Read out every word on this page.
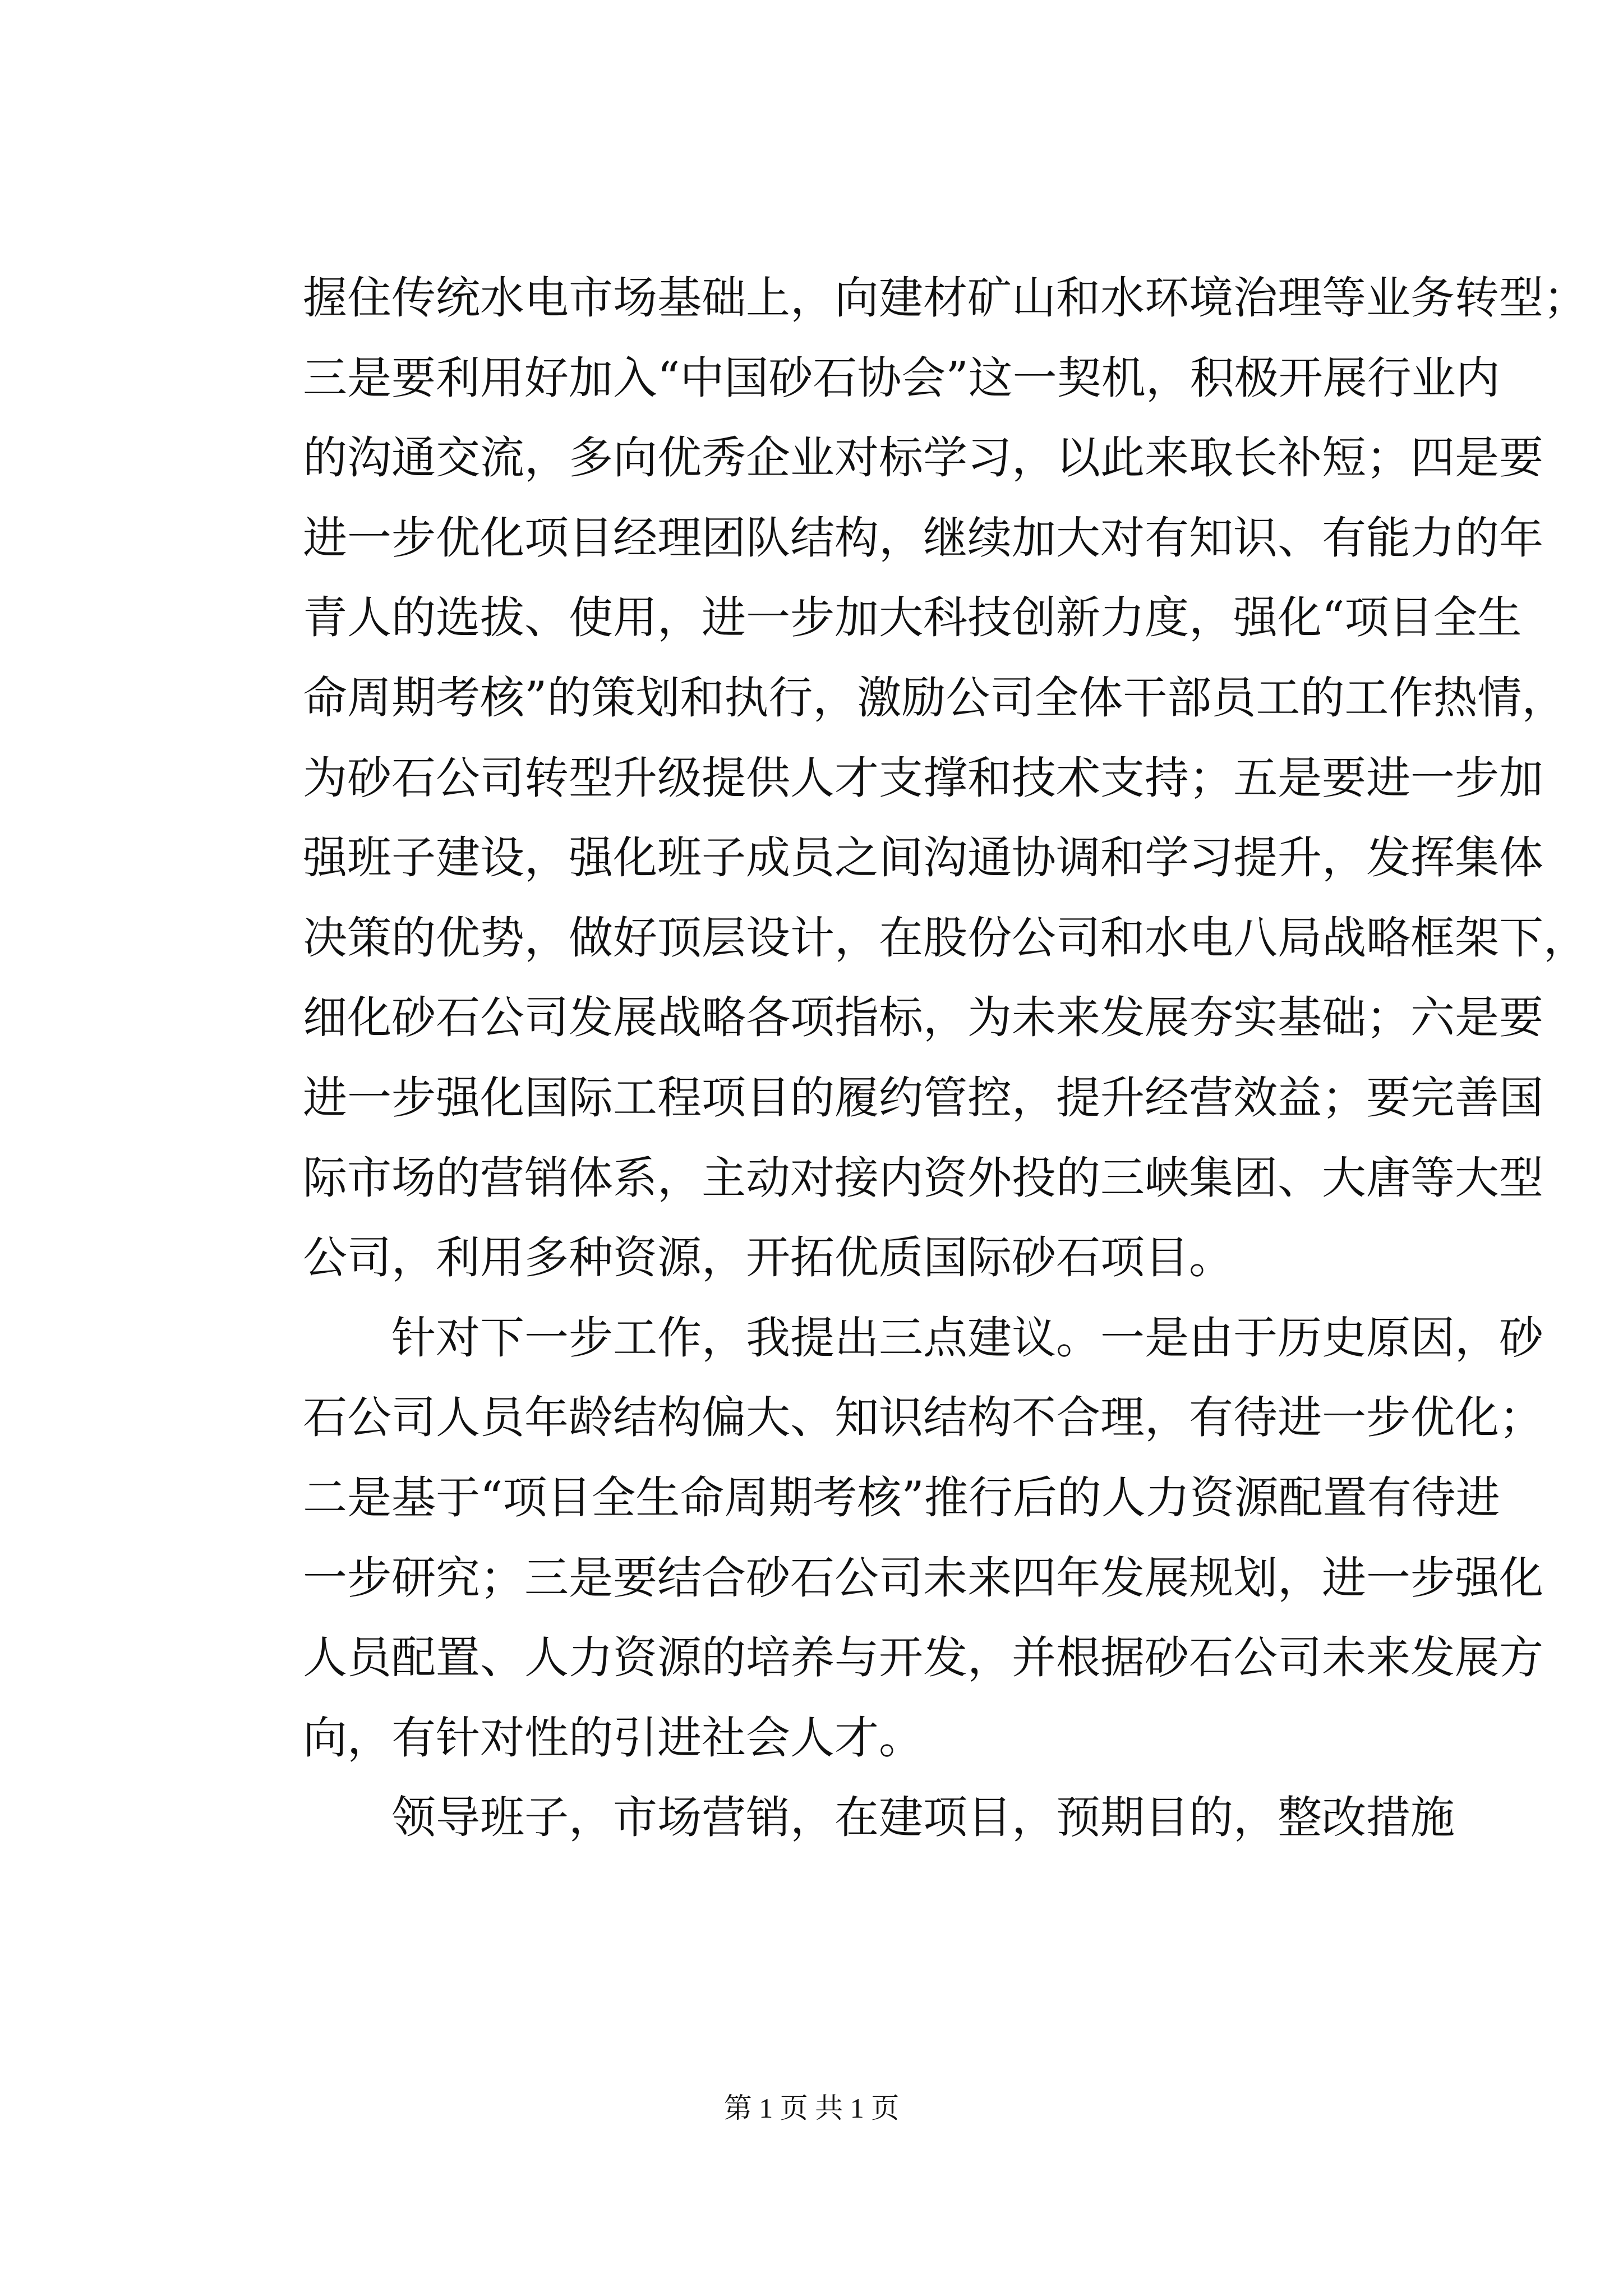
握住传统水电市场基础上，向建材矿山和水环境治理等业务转型；
三是要利用好加入“中国砂石协会”这一契机，积极开展行业内
的沟通交流，多向优秀企业对标学习，以此来取长补短；四是要
进一步优化项目经理团队结构，继续加大对有知识、有能力的年
青人的选拔、使用，进一步加大科技创新力度，强化“项目全生
命周期考核”的策划和执行，激励公司全体干部员工的工作热情，
为砂石公司转型升级提供人才支撑和技术支持；五是要进一步加
强班子建设，强化班子成员之间沟通协调和学习提升，发挥集体
决策的优势，做好顶层设计，在股份公司和水电八局战略框架下，
细化砂石公司发展战略各项指标，为未来发展夯实基础；六是要
进一步强化国际工程项目的履约管控，提升经营效益；要完善国
际市场的营销体系，主动对接内资外投的三峡集团、大唐等大型
公司，利用多种资源，开拓优质国际砂石项目。
针对下一步工作，我提出三点建议。一是由于历史原因，砂
石公司人员年龄结构偏大、知识结构不合理，有待进一步优化；
二是基于“项目全生命周期考核”推行后的人力资源配置有待进
一步研究；三是要结合砂石公司未来四年发展规划，进一步强化
人员配置、人力资源的培养与开发，并根据砂石公司未来发展方
向，有针对性的引进社会人才。
领导班子，市场营销，在建项目，预期目的，整改措施
第 1 页 共 1 页
